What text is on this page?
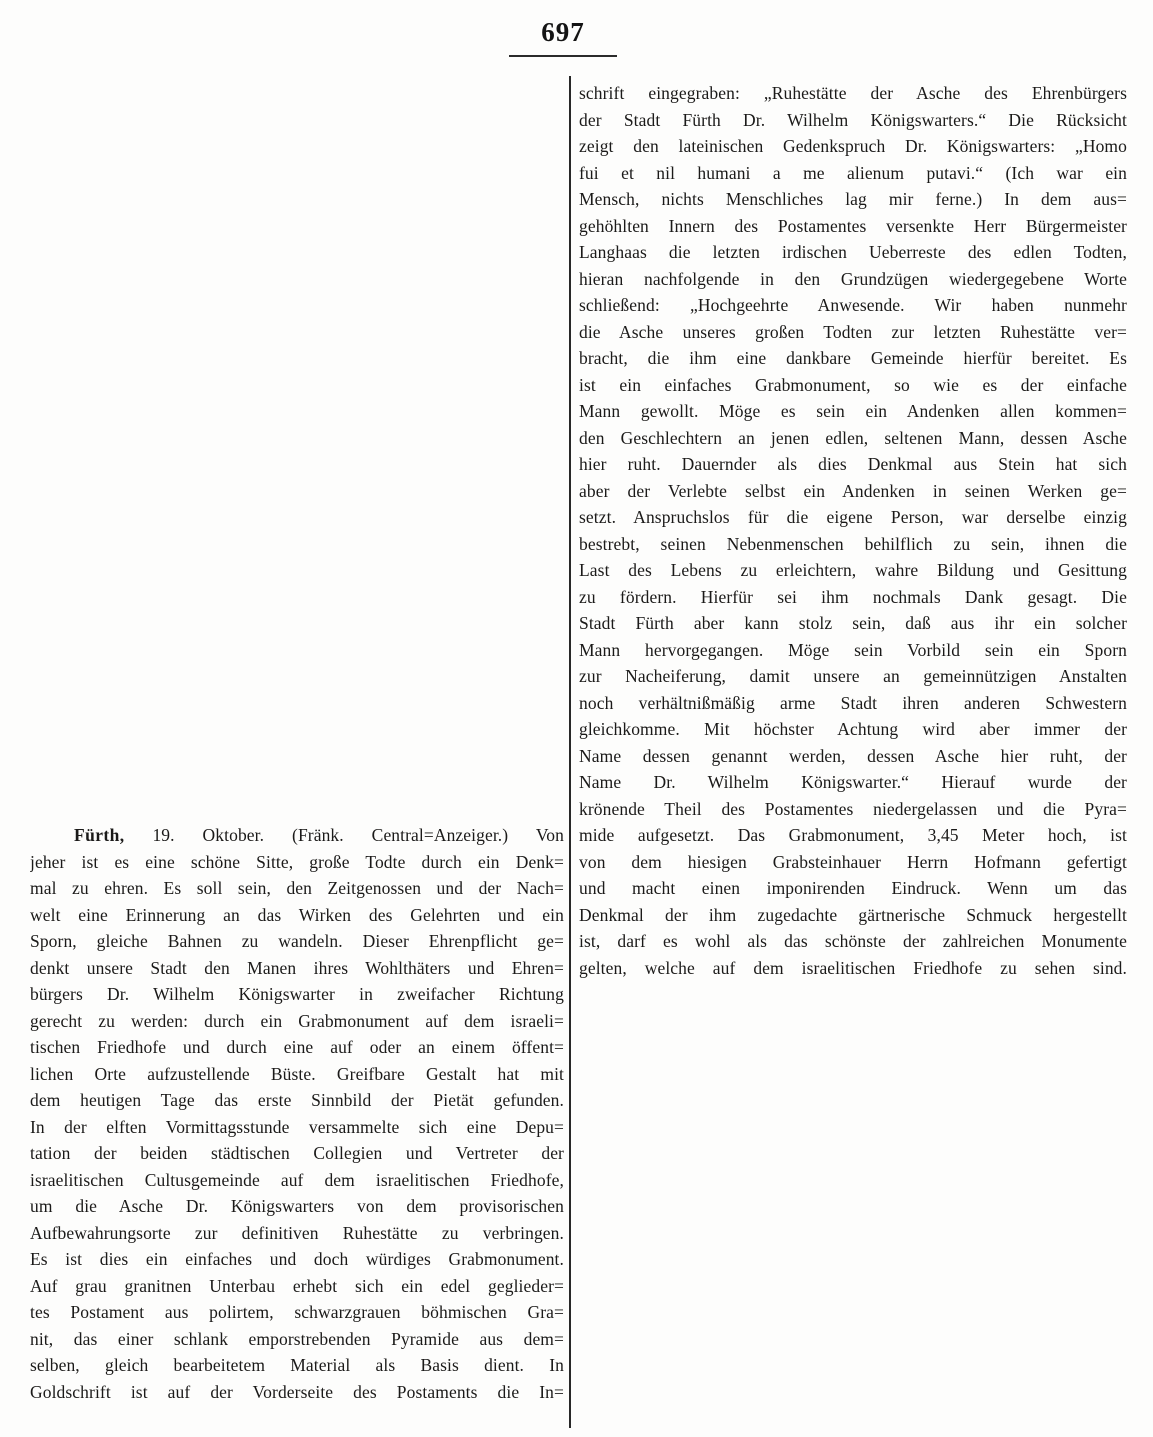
697
Fürth, 19. Oktober. (Fränk. Central=Anzeiger.) Von
jeher ist es eine schöne Sitte, große Todte durch ein Denk=
mal zu ehren. Es soll sein, den Zeitgenossen und der Nach=
welt eine Erinnerung an das Wirken des Gelehrten und ein
Sporn, gleiche Bahnen zu wandeln. Dieser Ehrenpflicht ge=
denkt unsere Stadt den Manen ihres Wohlthäters und Ehren=
bürgers Dr. Wilhelm Königswarter in zweifacher Richtung
gerecht zu werden: durch ein Grabmonument auf dem israeli=
tischen Friedhofe und durch eine auf oder an einem öffent=
lichen Orte aufzustellende Büste. Greifbare Gestalt hat mit
dem heutigen Tage das erste Sinnbild der Pietät gefunden.
In der elften Vormittagsstunde versammelte sich eine Depu=
tation der beiden städtischen Collegien und Vertreter der
israelitischen Cultusgemeinde auf dem israelitischen Friedhofe,
um die Asche Dr. Königswarters von dem provisorischen
Aufbewahrungsorte zur definitiven Ruhestätte zu verbringen.
Es ist dies ein einfaches und doch würdiges Grabmonument.
Auf grau granitnen Unterbau erhebt sich ein edel geglieder=
tes Postament aus polirtem, schwarzgrauen böhmischen Gra=
nit, das einer schlank emporstrebenden Pyramide aus dem=
selben, gleich bearbeitetem Material als Basis dient. In
Goldschrift ist auf der Vorderseite des Postaments die In=
schrift eingegraben: „Ruhestätte der Asche des Ehrenbürgers
der Stadt Fürth Dr. Wilhelm Königswarters.“ Die Rücksicht
zeigt den lateinischen Gedenkspruch Dr. Königswarters: „Homo
fui et nil humani a me alienum putavi.“ (Ich war ein
Mensch, nichts Menschliches lag mir ferne.) In dem aus=
gehöhlten Innern des Postamentes versenkte Herr Bürgermeister
Langhaas die letzten irdischen Ueberreste des edlen Todten,
hieran nachfolgende in den Grundzügen wiedergegebene Worte
schließend: „Hochgeehrte Anwesende. Wir haben nunmehr
die Asche unseres großen Todten zur letzten Ruhestätte ver=
bracht, die ihm eine dankbare Gemeinde hierfür bereitet. Es
ist ein einfaches Grabmonument, so wie es der einfache
Mann gewollt. Möge es sein ein Andenken allen kommen=
den Geschlechtern an jenen edlen, seltenen Mann, dessen Asche
hier ruht. Dauernder als dies Denkmal aus Stein hat sich
aber der Verlebte selbst ein Andenken in seinen Werken ge=
setzt. Anspruchslos für die eigene Person, war derselbe einzig
bestrebt, seinen Nebenmenschen behilflich zu sein, ihnen die
Last des Lebens zu erleichtern, wahre Bildung und Gesittung
zu fördern. Hierfür sei ihm nochmals Dank gesagt. Die
Stadt Fürth aber kann stolz sein, daß aus ihr ein solcher
Mann hervorgegangen. Möge sein Vorbild sein ein Sporn
zur Nacheiferung, damit unsere an gemeinnützigen Anstalten
noch verhältnißmäßig arme Stadt ihren anderen Schwestern
gleichkomme. Mit höchster Achtung wird aber immer der
Name dessen genannt werden, dessen Asche hier ruht, der
Name Dr. Wilhelm Königswarter.“ Hierauf wurde der
krönende Theil des Postamentes niedergelassen und die Pyra=
mide aufgesetzt. Das Grabmonument, 3,45 Meter hoch, ist
von dem hiesigen Grabsteinhauer Herrn Hofmann gefertigt
und macht einen imponirenden Eindruck. Wenn um das
Denkmal der ihm zugedachte gärtnerische Schmuck hergestellt
ist, darf es wohl als das schönste der zahlreichen Monumente
gelten, welche auf dem israelitischen Friedhofe zu sehen sind.
